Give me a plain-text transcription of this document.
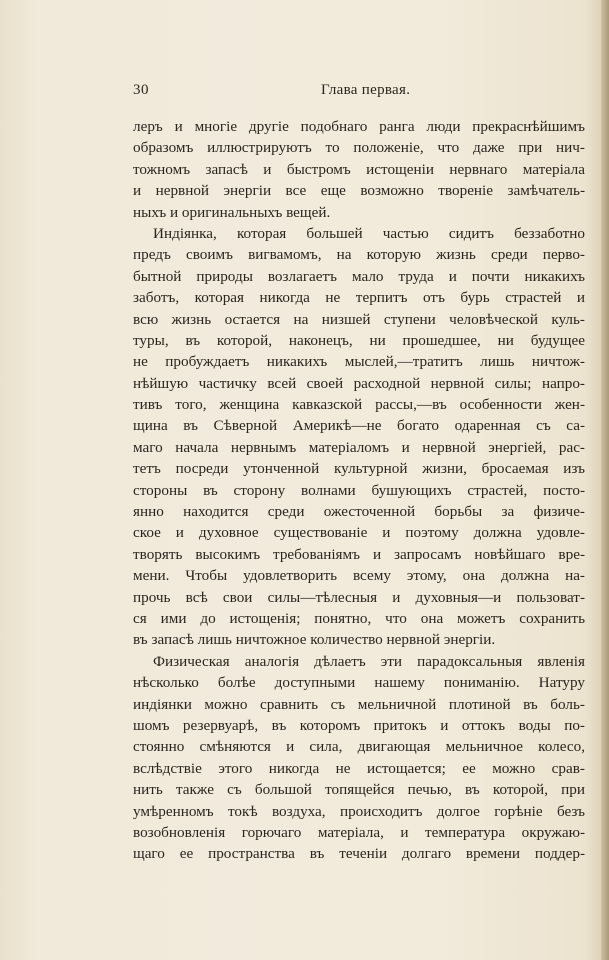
30	Глава первая.
леръ и многіе другіе подобнаго ранга люди прекраснѣйшимъ
образомъ иллюстрируютъ то положеніе, что даже при нич-
тожномъ запасѣ и быстромъ истощеніи нервнаго матеріала
и нервной энергіи все еще возможно твореніе замѣчатель-
ныхъ и оригинальныхъ вещей.
Индіянка, которая большей частью сидитъ беззаботно
предъ своимъ вигвамомъ, на которую жизнь среди перво-
бытной природы возлагаетъ мало труда и почти никакихъ
заботъ, которая никогда не терпитъ отъ бурь страстей и
всю жизнь остается на низшей ступени человѣческой куль-
туры, въ которой, наконецъ, ни прошедшее, ни будущее
не пробуждаетъ никакихъ мыслей,—тратитъ лишь ничтож-
нѣйшую частичку всей своей расходной нервной силы; напро-
тивъ того, женщина кавказской рассы,—въ особенности жен-
щина въ Сѣверной Америкѣ—не богато одаренная съ са-
маго начала нервнымъ матеріаломъ и нервной энергіей, рас-
тетъ посреди утонченной культурной жизни, бросаемая изъ
стороны въ сторону волнами бушующихъ страстей, посто-
янно находится среди ожесточенной борьбы за физиче-
ское и духовное существованіе и поэтому должна удовле-
творять высокимъ требованіямъ и запросамъ новѣйшаго вре-
мени. Чтобы удовлетворить всему этому, она должна на-
прочь всѣ свои силы—тѣлесныя и духовныя—и пользоват-
ся ими до истощенія; понятно, что она можетъ сохранить
въ запасѣ лишь ничтожное количество нервной энергіи.
Физическая аналогія дѣлаетъ эти парадоксальныя явленія
нѣсколько болѣе доступными нашему пониманію. Натуру
индіянки можно сравнить съ мельничной плотиной въ боль-
шомъ резервуарѣ, въ которомъ притокъ и оттокъ воды по-
стоянно смѣняются и сила, двигающая мельничное колесо,
вслѣдствіе этого никогда не истощается; ее можно срав-
нить также съ большой топящейся печью, въ которой, при
умѣренномъ токѣ воздуха, происходитъ долгое горѣніе безъ
возобновленія горючаго матеріала, и температура окружаю-
щаго ее пространства въ теченіи долгаго времени поддер-
